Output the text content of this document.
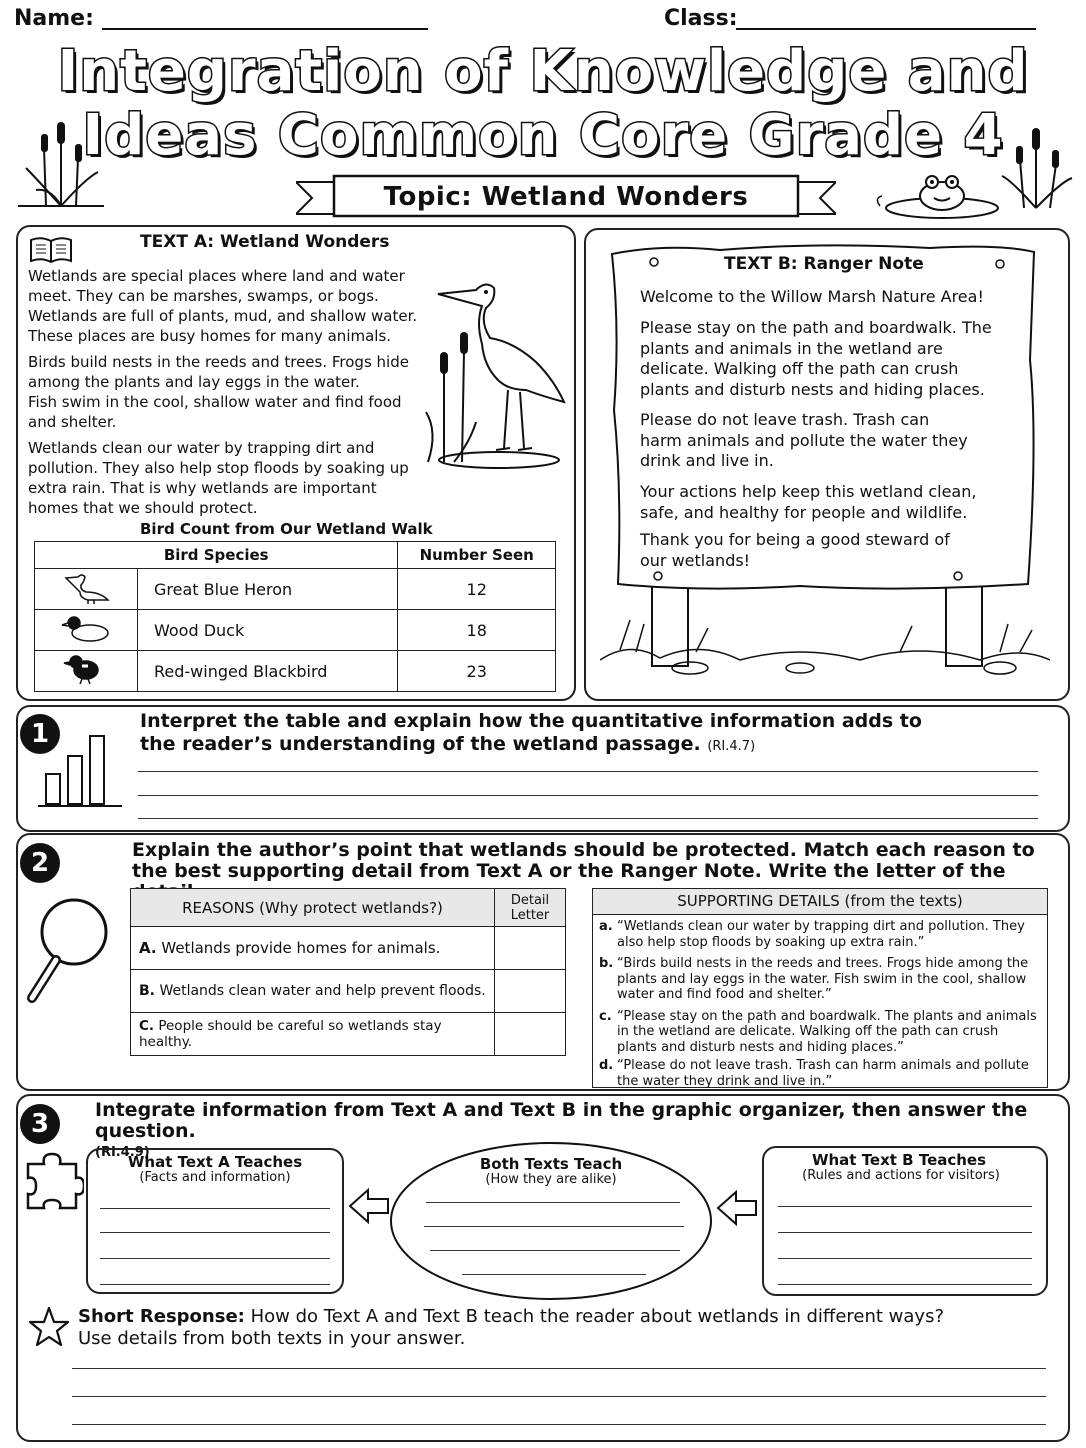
Name:	Class:
Integration of Knowledge and
Ideas Common Core Grade 4
Topic: Wetland Wonders
TEXT A: Wetland Wonders
Wetlands are special places where land and water meet. They can be marshes, swamps, or bogs. Wetlands are full of plants, mud, and shallow water. These places are busy homes for many animals.
Birds build nests in the reeds and trees. Frogs hide among the plants and lay eggs in the water.
Fish swim in the cool, shallow water and find food and shelter.
Wetlands clean our water by trapping dirt and pollution. They also help stop floods by soaking up extra rain. That is why wetlands are important homes that we should protect.
Bird Count from Our Wetland Walk
Bird Species		Number Seen
	Great Blue Heron	12
	Wood Duck	18
	Red-winged Blackbird	23
TEXT B: Ranger Note
Welcome to the Willow Marsh Nature Area!
Please stay on the path and boardwalk. The plants and animals in the wetland are delicate. Walking off the path can crush plants and disturb nests and hiding places.
Please do not leave trash. Trash can harm animals and pollute the water they drink and live in.
Your actions help keep this wetland clean, safe, and healthy for people and wildlife.
Thank you for being a good steward of our wetlands!
1	Interpret the table and explain how the quantitative information adds to the reader’s understanding of the wetland passage. (RI.4.7)
2	Explain the author’s point that wetlands should be protected. Match each reason to the best supporting detail from Text A or the Ranger Note. Write the letter of the detail. (RI.4.8)
REASONS (Why protect wetlands?)	Detail Letter
A. Wetlands provide homes for animals.	
B. Wetlands clean water and help prevent floods.	
C. People should be careful so wetlands stay healthy.	
SUPPORTING DETAILS (from the texts)
a. “Wetlands clean our water by trapping dirt and pollution. They also help stop floods by soaking up extra rain.”
b. “Birds build nests in the reeds and trees. Frogs hide among the plants and lay eggs in the water. Fish swim in the cool, shallow water and find food and shelter.”
c. “Please stay on the path and boardwalk. The plants and animals in the wetland are delicate. Walking off the path can crush plants and disturb nests and hiding places.”
d. “Please do not leave trash. Trash can harm animals and pollute the water they drink and live in.”
3	Integrate information from Text A and Text B in the graphic organizer, then answer the question.
(RI.4.9)
What Text A Teaches
(Facts and information)
Both Texts Teach
(How they are alike)
What Text B Teaches
(Rules and actions for visitors)
Short Response: How do Text A and Text B teach the reader about wetlands in different ways? Use details from both texts in your answer.
